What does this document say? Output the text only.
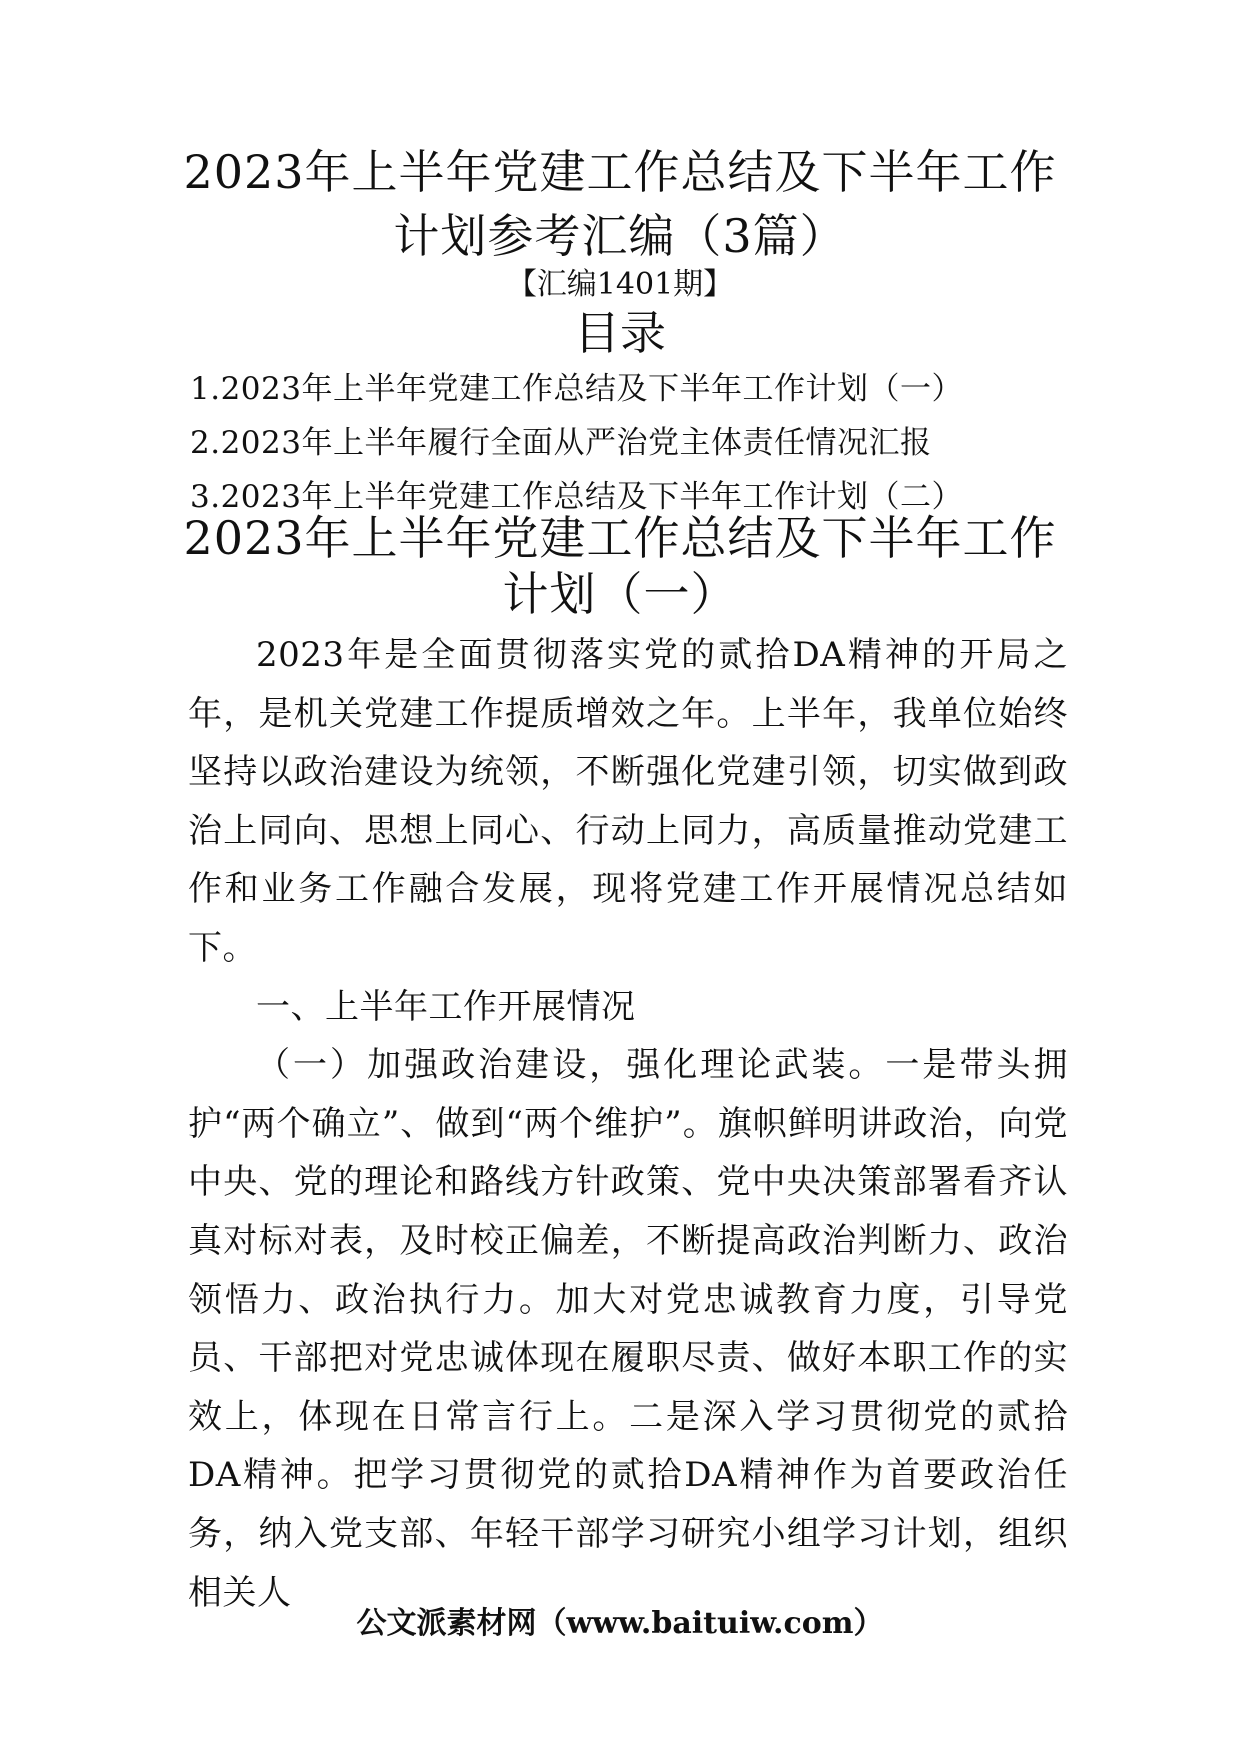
2023年上半年党建工作总结及下半年工作
计划参考汇编（3篇）
【汇编1401期】
目录
1.2023年上半年党建工作总结及下半年工作计划（一）
2.2023年上半年履行全面从严治党主体责任情况汇报
3.2023年上半年党建工作总结及下半年工作计划（二）
2023年上半年党建工作总结及下半年工作
计划（一）

2023年是全面贯彻落实党的贰拾DA精神的开局之年，是机关党建工作提质增效之年。上半年，我单位始终坚持以政治建设为统领，不断强化党建引领，切实做到政治上同向、思想上同心、行动上同力，高质量推动党建工作和业务工作融合发展，现将党建工作开展情况总结如下。

一、上半年工作开展情况

（一）加强政治建设，强化理论武装。一是带头拥护“两个确立”、做到“两个维护”。旗帜鲜明讲政治，向党中央、党的理论和路线方针政策、党中央决策部署看齐认真对标对表，及时校正偏差，不断提高政治判断力、政治领悟力、政治执行力。加大对党忠诚教育力度，引导党员、干部把对党忠诚体现在履职尽责、做好本职工作的实效上，体现在日常言行上。二是深入学习贯彻党的贰拾DA精神。把学习贯彻党的贰拾DA精神作为首要政治任务，纳入党支部、年轻干部学习研究小组学习计划，组织相关人

公文派素材网（www.baituiw.com）
